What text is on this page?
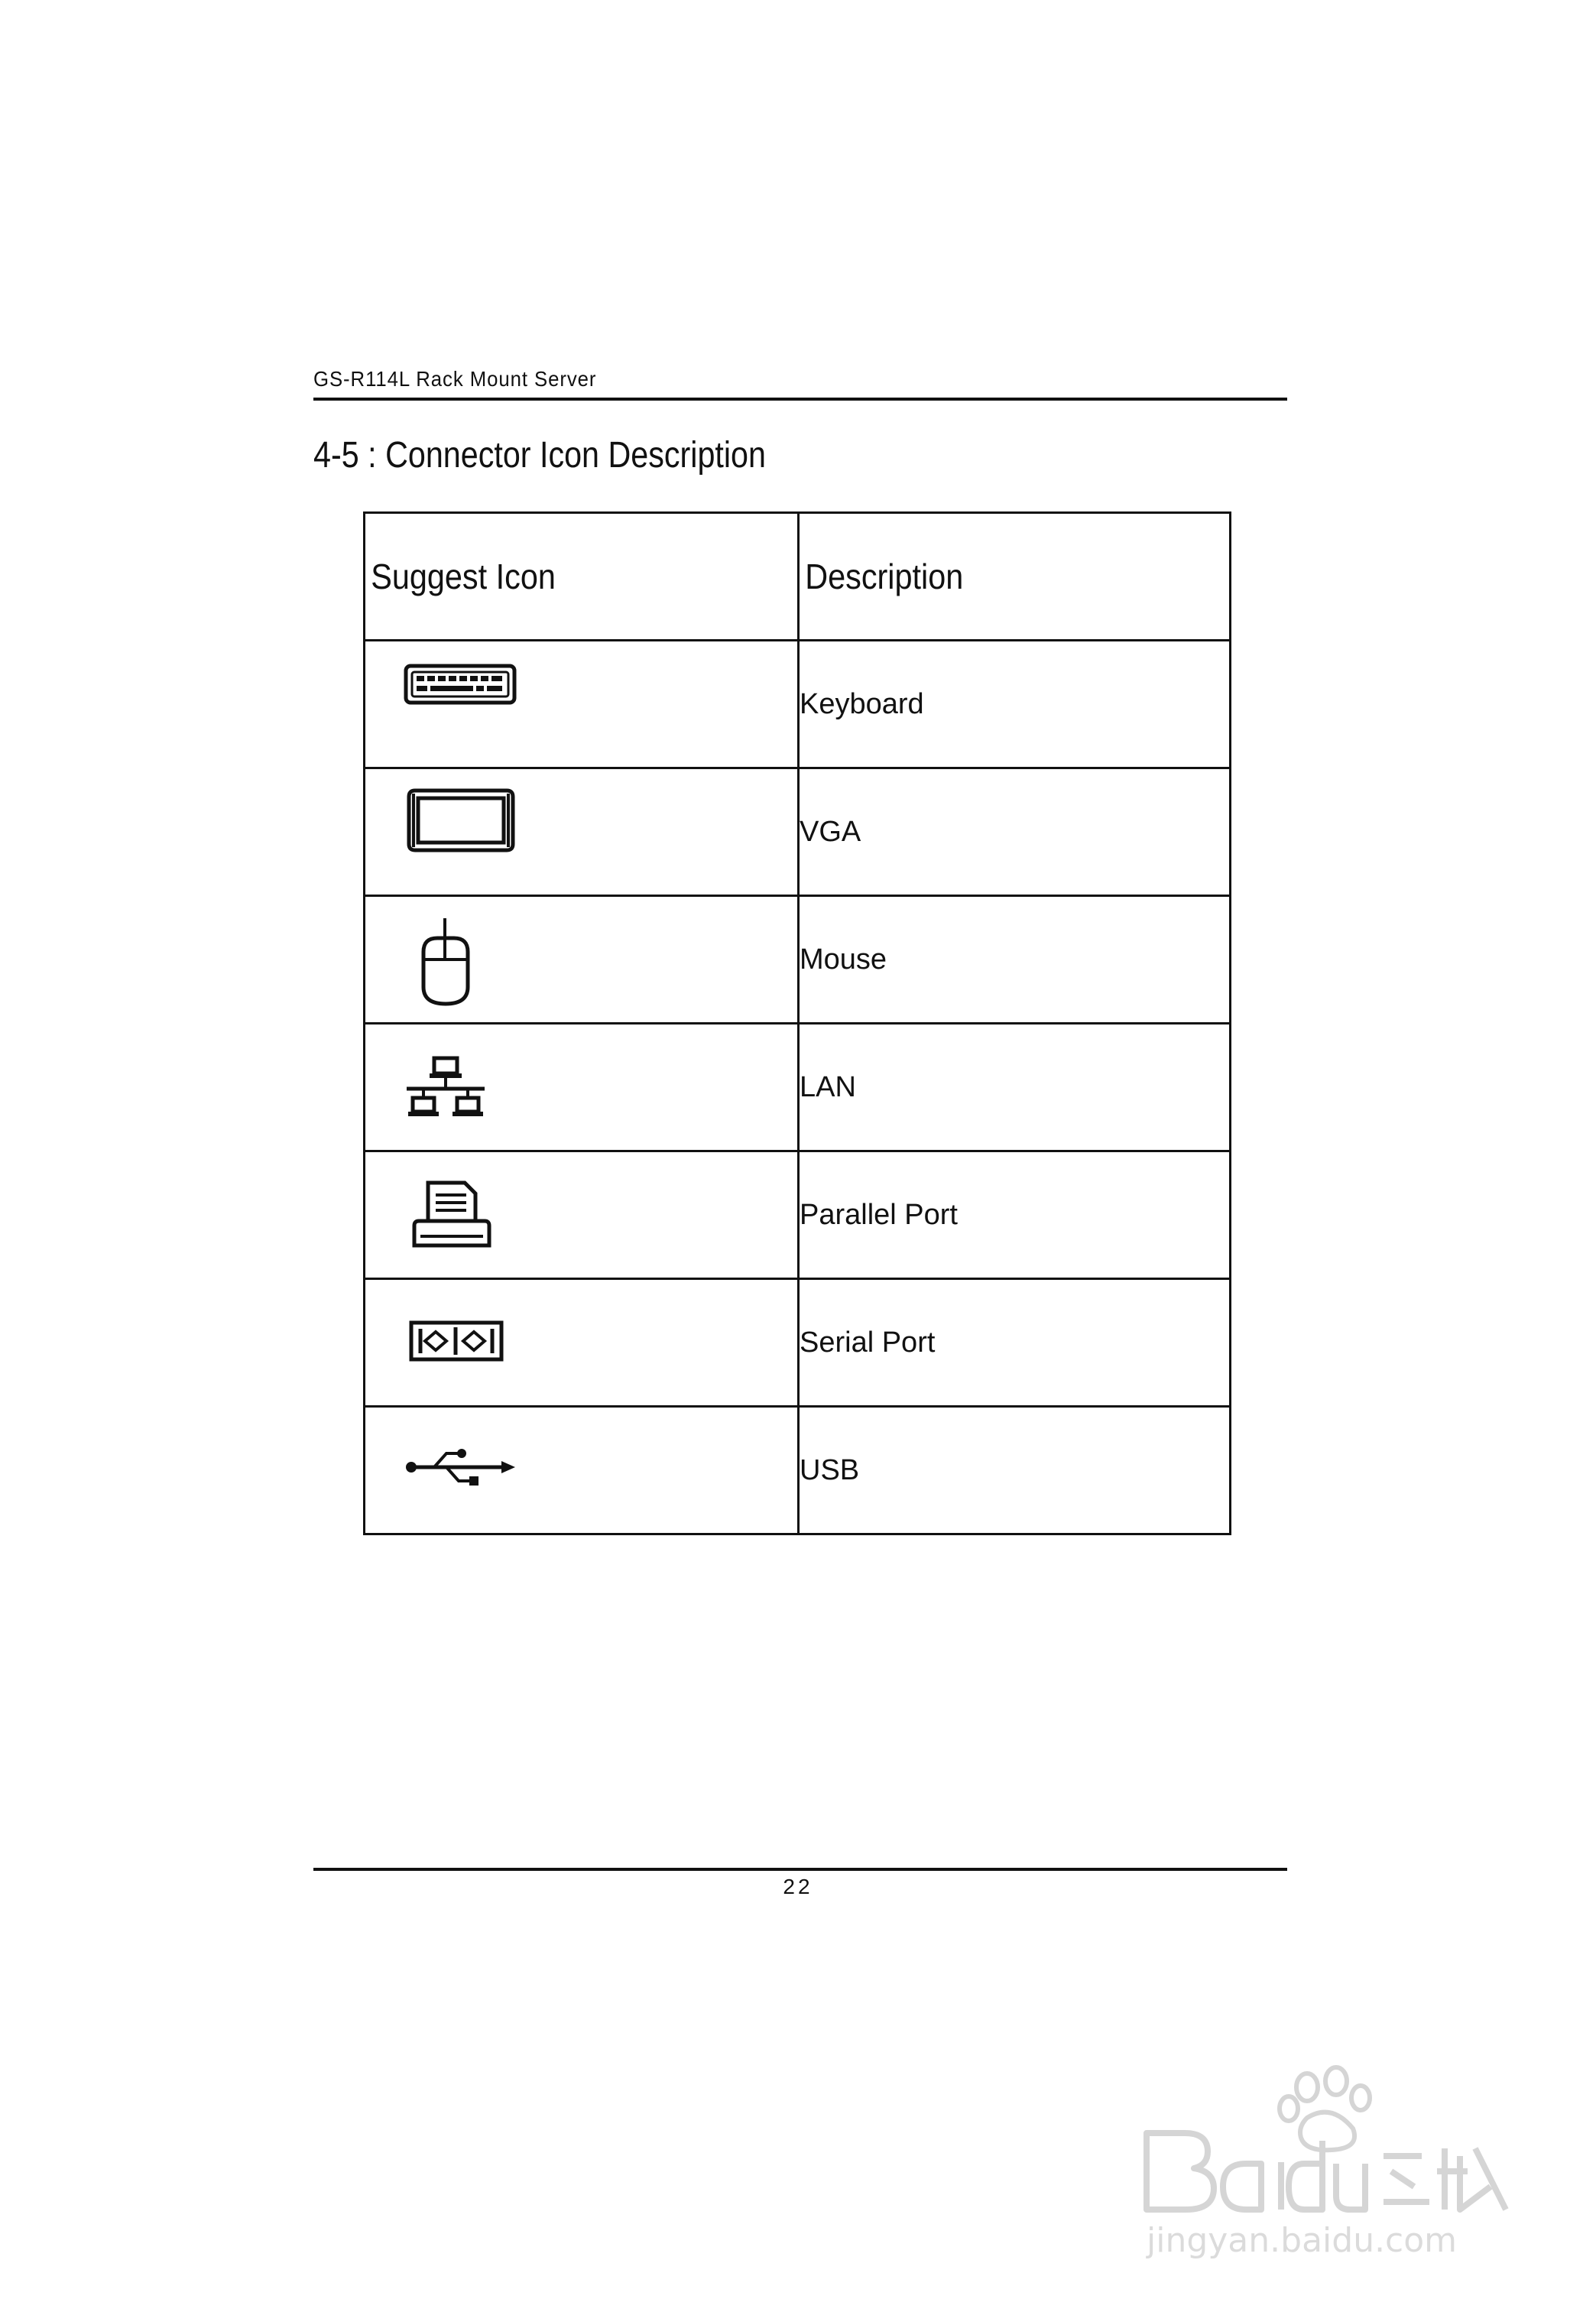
GS-R114L Rack Mount Server
4-5 : Connector Icon Description
Suggest Icon	Description

	Keyboard

	VGA

	Mouse

	LAN

	Parallel Port

	Serial Port

	USB
22
jingyan.baidu.com
